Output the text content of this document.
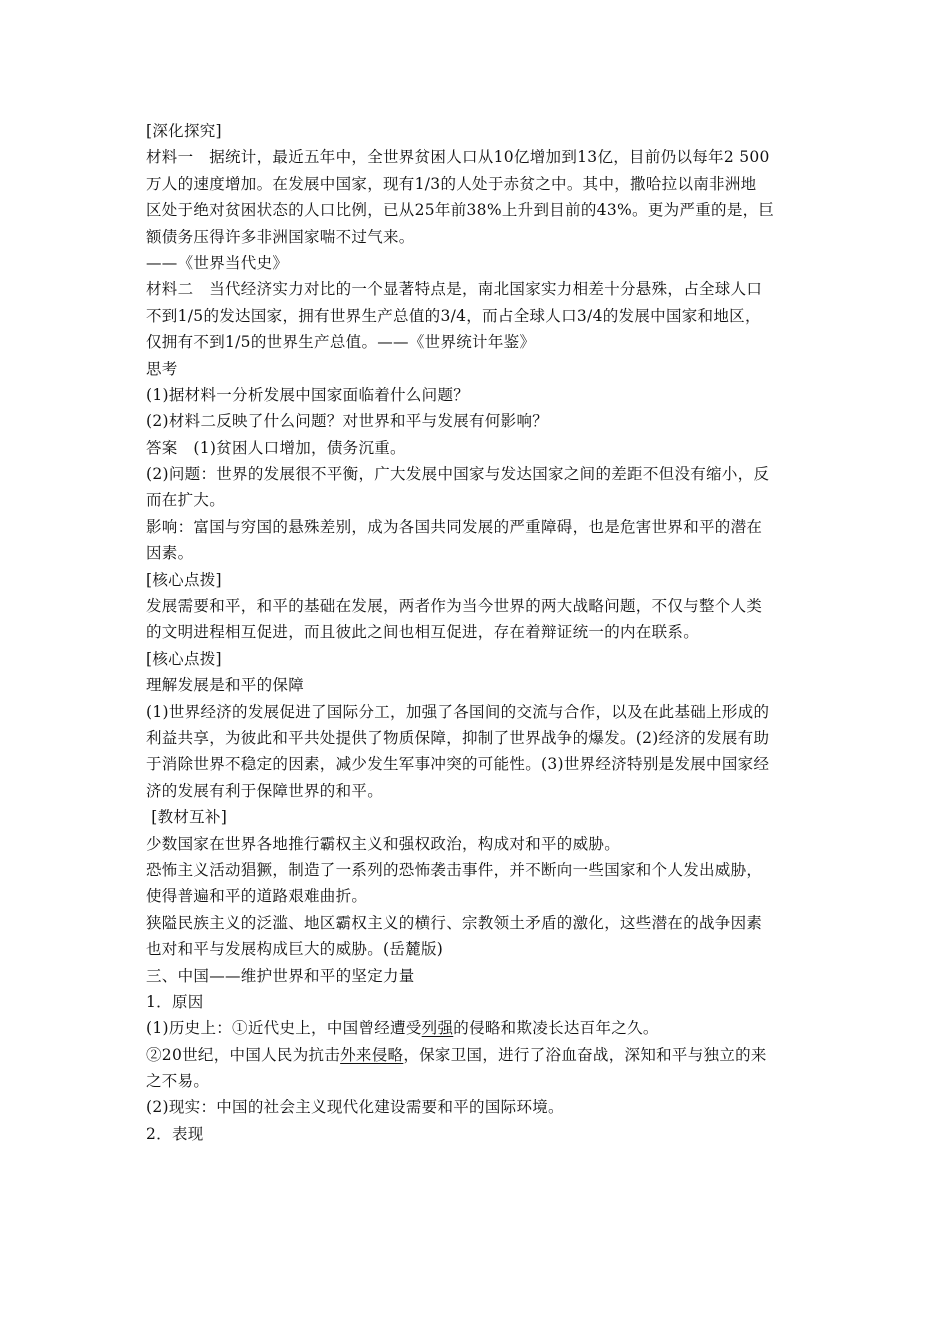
[深化探究]
材料一　据统计，最近五年中，全世界贫困人口从10亿增加到13亿，目前仍以每年2 500
万人的速度增加。在发展中国家，现有1/3的人处于赤贫之中。其中，撒哈拉以南非洲地
区处于绝对贫困状态的人口比例，已从25年前38%上升到目前的43%。更为严重的是，巨
额债务压得许多非洲国家喘不过气来。
——《世界当代史》
材料二　当代经济实力对比的一个显著特点是，南北国家实力相差十分悬殊，占全球人口
不到1/5的发达国家，拥有世界生产总值的3/4，而占全球人口3/4的发展中国家和地区，
仅拥有不到1/5的世界生产总值。——《世界统计年鉴》
思考
(1)据材料一分析发展中国家面临着什么问题？
(2)材料二反映了什么问题？对世界和平与发展有何影响？
答案　(1)贫困人口增加，债务沉重。
(2)问题：世界的发展很不平衡，广大发展中国家与发达国家之间的差距不但没有缩小，反
而在扩大。
影响：富国与穷国的悬殊差别，成为各国共同发展的严重障碍，也是危害世界和平的潜在
因素。
[核心点拨]
发展需要和平，和平的基础在发展，两者作为当今世界的两大战略问题，不仅与整个人类
的文明进程相互促进，而且彼此之间也相互促进，存在着辩证统一的内在联系。
[核心点拨]
理解发展是和平的保障
(1)世界经济的发展促进了国际分工，加强了各国间的交流与合作，以及在此基础上形成的
利益共享，为彼此和平共处提供了物质保障，抑制了世界战争的爆发。(2)经济的发展有助
于消除世界不稳定的因素，减少发生军事冲突的可能性。(3)世界经济特别是发展中国家经
济的发展有利于保障世界的和平。
[教材互补]
少数国家在世界各地推行霸权主义和强权政治，构成对和平的威胁。
恐怖主义活动猖獗，制造了一系列的恐怖袭击事件，并不断向一些国家和个人发出威胁，
使得普遍和平的道路艰难曲折。
狭隘民族主义的泛滥、地区霸权主义的横行、宗教领土矛盾的激化，这些潜在的战争因素
也对和平与发展构成巨大的威胁。(岳麓版)
三、中国——维护世界和平的坚定力量
1．原因
(1)历史上：①近代史上，中国曾经遭受列强的侵略和欺凌长达百年之久。
②20世纪，中国人民为抗击外来侵略，保家卫国，进行了浴血奋战，深知和平与独立的来
之不易。
(2)现实：中国的社会主义现代化建设需要和平的国际环境。
2．表现
